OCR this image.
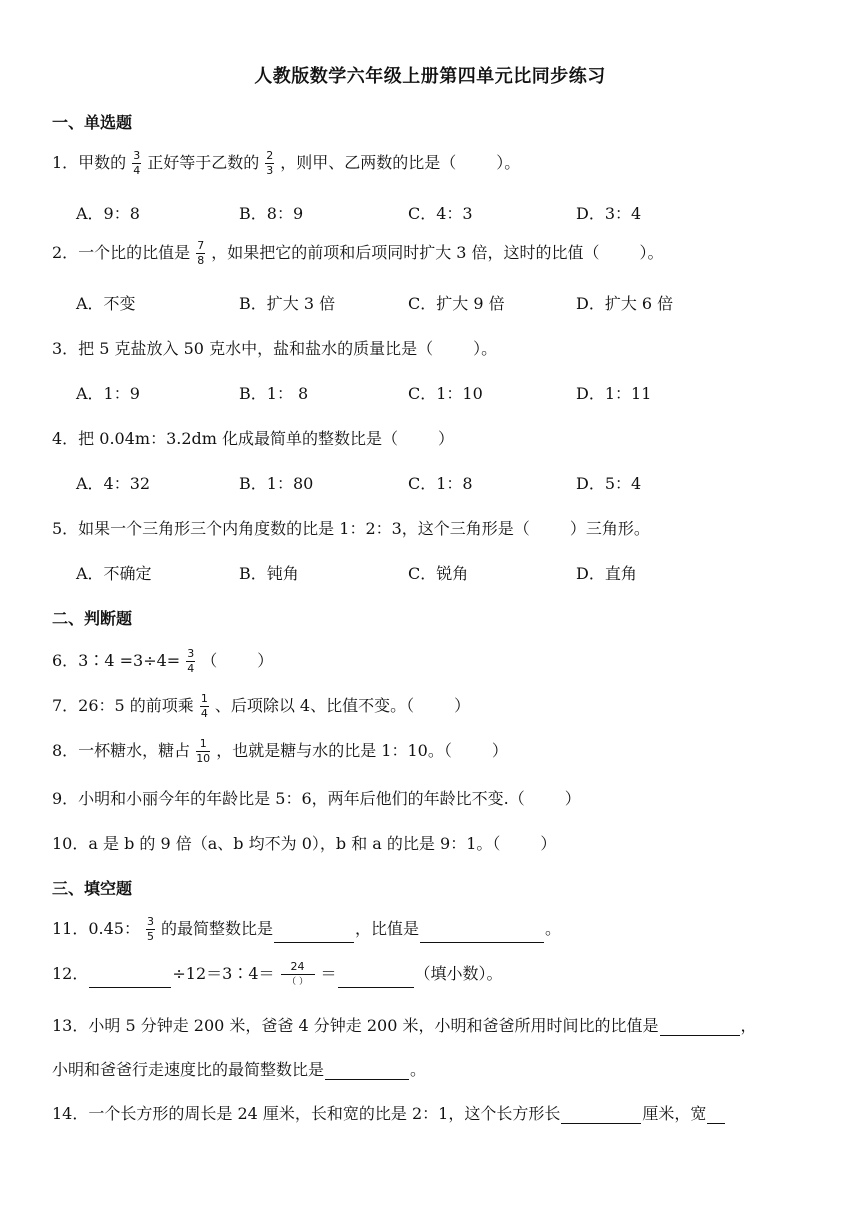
人教版数学六年级上册第四单元比同步练习
一、单选题
1．甲数的 $\frac{3}{4}$ 正好等于乙数的 $\frac{2}{3}$ ，则甲、乙两数的比是（	）。
A．9：8	B．8：9	C．4：3	D．3：4
2．一个比的比值是 $\frac{7}{8}$ ，如果把它的前项和后项同时扩大 3 倍，这时的比值（	）。
A．不变	B．扩大 3 倍	C．扩大 9 倍	D．扩大 6 倍
3．把 5 克盐放入 50 克水中，盐和盐水的质量比是（	）。
A．1：9	B．1： 8	C．1：10	D．1：11
4．把 0.04m：3.2dm 化成最简单的整数比是（	）
A．4：32	B．1：80	C．1：8	D．5：4
5．如果一个三角形三个内角度数的比是 1：2：3，这个三角形是（	）三角形。
A．不确定	B．钝角	C．锐角	D．直角
二、判断题
6．3∶4 $=3\div 4= \frac{3}{4}$ （	）
7．26：5 的前项乘 $\frac{1}{4}$ 、后项除以 4、比值不变。（	）
8．一杯糖水，糖占 $\frac{1}{10}$ ，也就是糖与水的比是 1：10。（	）
9．小明和小丽今年的年龄比是 5：6，两年后他们的年龄比不变.（	）
10．a 是 b 的 9 倍（a、b 均不为 0），b 和 a 的比是 9：1。（	）
三、填空题
11．0.45： $\frac{3}{5}$ 的最简整数比是	，比值是	。
12．	÷12＝3∶4＝ $\frac{24}{( )}$ ＝	（填小数）。
13．小明 5 分钟走 200 米，爸爸 4 分钟走 200 米，小明和爸爸所用时间比的比值是	，
小明和爸爸行走速度比的最简整数比是	。
14．一个长方形的周长是 24 厘米，长和宽的比是 2：1，这个长方形长	厘米，宽
